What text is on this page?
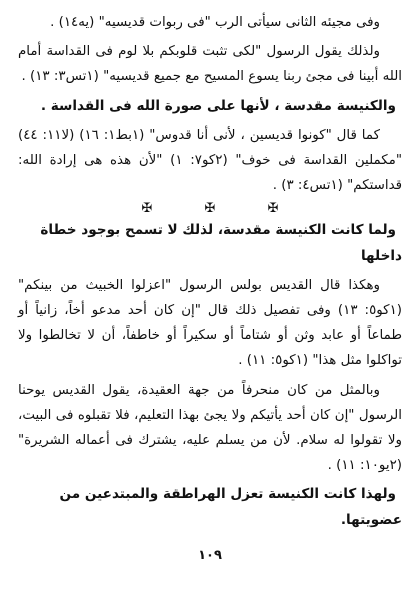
وفى مجيئه الثانى سيأتى الرب "فى ربوات قديسيه" (يه١٤) .

ولذلك يقول الرسول "لكى تثبت قلوبكم بلا لوم فى القداسة أمام الله أبينا فى مجئ ربنا يسوع المسيح مع جميع قديسيه" (١تس٣: ١٣) .

والكنيسة مقدسة ، لأنها على صورة الله فى القداسة .

كما قال "كونوا قديسين ، لأنى أنا قدوس" (١بط١: ١٦) (لا١١: ٤٤) "مكملين القداسة فى خوف" (٢كو٧: ١) "لأن هذه هى إرادة الله: قداستكم" (١تس٤: ٣) .

✠	✠	✠

ولما كانت الكنيسة مقدسة، لذلك لا تسمح بوجود خطاة داخلها

وهكذا قال القديس بولس الرسول "اعزلوا الخبيث من بينكم" (١كو٥: ١٣) وفى تفصيل ذلك قال "إن كان أحد مدعو أخاً، زانياً أو طماعاً أو عابد وثن أو شتاماً أو سكيراً أو خاطفاً، أن لا تخالطوا ولا تواكلوا مثل هذا" (١كو٥: ١١) .

وبالمثل من كان منحرفاً من جهة العقيدة، يقول القديس يوحنا الرسول "إن كان أحد يأتيكم ولا يجئ بهذا التعليم، فلا تقبلوه فى البيت، ولا تقولوا له سلام. لأن من يسلم عليه، يشترك فى أعماله الشريرة" (٢يو١٠: ١١) .

ولهذا كانت الكنيسة تعزل الهراطقة والمبتدعين من عضويتها.

١٠٩
